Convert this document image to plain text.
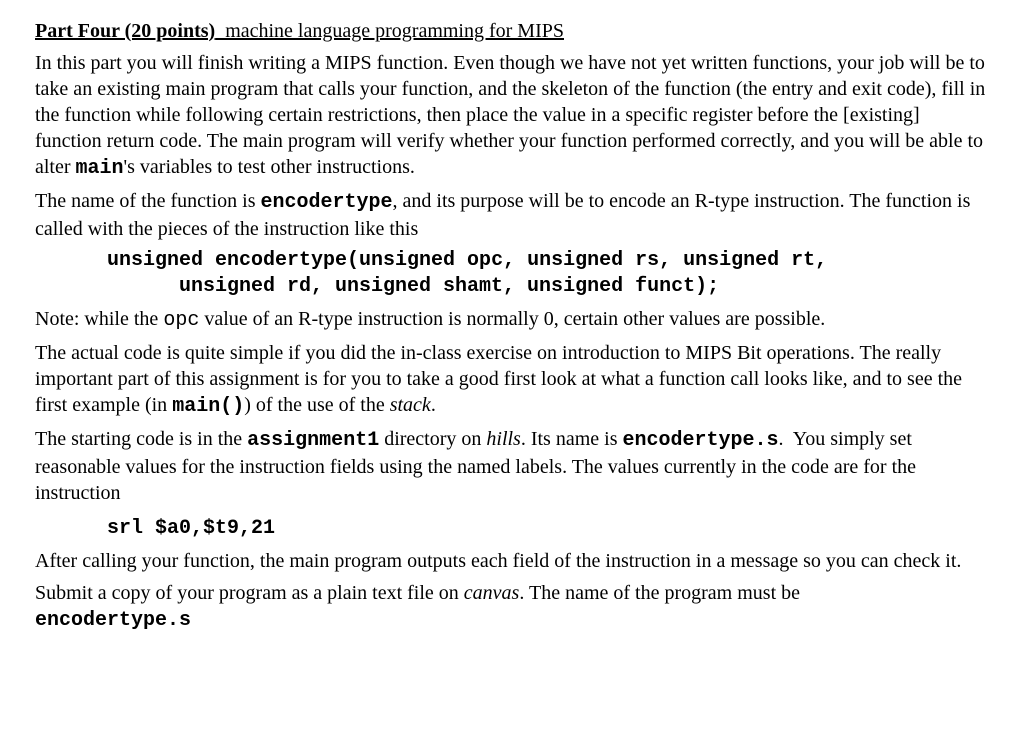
Part Four (20 points)  machine language programming for MIPS

In this part you will finish writing a MIPS function. Even though we have not yet written functions, your job will be to take an existing main program that calls your function, and the skeleton of the function (the entry and exit code), fill in the function while following certain restrictions, then place the value in a specific register before the [existing] function return code. The main program will verify whether your function performed correctly, and you will be able to alter main's variables to test other instructions.

The name of the function is encodertype, and its purpose will be to encode an R-type instruction. The function is called with the pieces of the instruction like this

unsigned encodertype(unsigned opc, unsigned rs, unsigned rt,
unsigned rd, unsigned shamt, unsigned funct);

Note: while the opc value of an R-type instruction is normally 0, certain other values are possible.

The actual code is quite simple if you did the in-class exercise on introduction to MIPS Bit operations. The really important part of this assignment is for you to take a good first look at what a function call looks like, and to see the first example (in main()) of the use of the stack.

The starting code is in the assignment1 directory on hills. Its name is encodertype.s.  You simply set reasonable values for the instruction fields using the named labels. The values currently in the code are for the instruction

srl $a0,$t9,21

After calling your function, the main program outputs each field of the instruction in a message so you can check it.

Submit a copy of your program as a plain text file on canvas. The name of the program must be
encodertype.s
